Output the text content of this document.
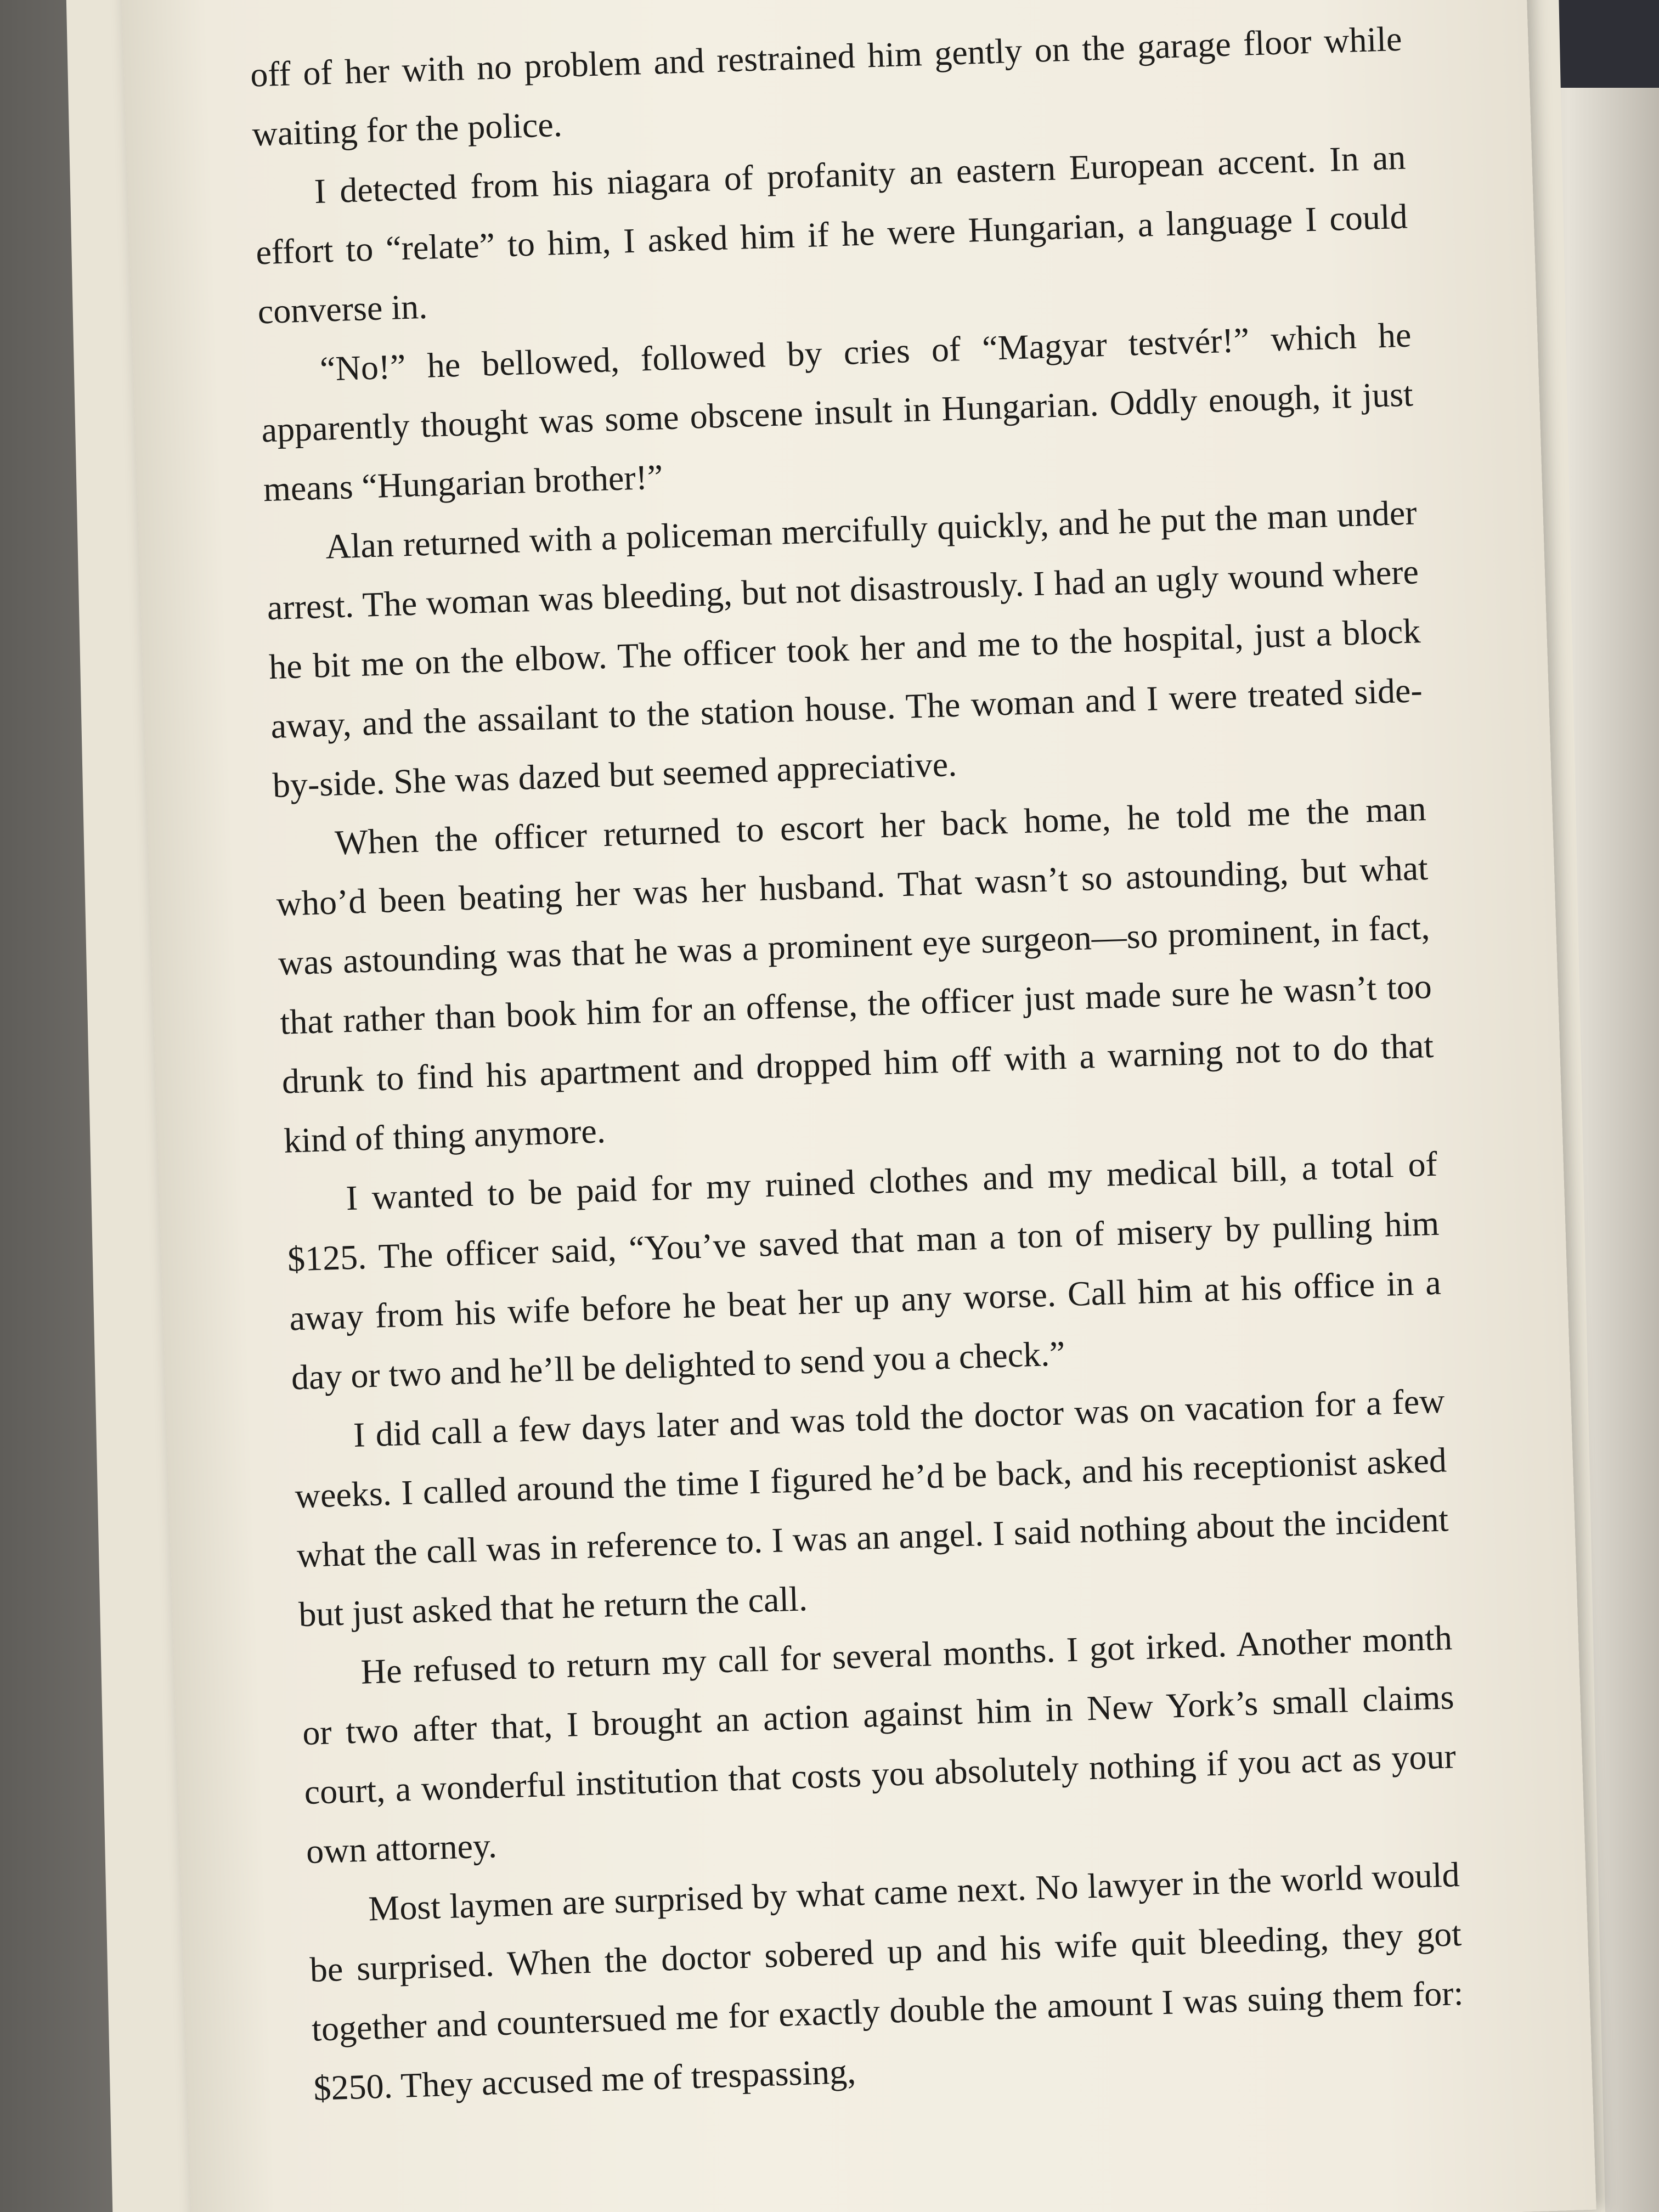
off of her with no problem and restrained him gently on the garage floor while waiting for the police.

I detected from his niagara of profanity an eastern European accent. In an effort to “relate” to him, I asked him if he were Hungarian, a language I could converse in.

“No!” he bellowed, followed by cries of “Magyar testvér!” which he apparently thought was some obscene insult in Hungarian. Oddly enough, it just means “Hungarian brother!”

Alan returned with a policeman mercifully quickly, and he put the man under arrest. The woman was bleeding, but not disastrously. I had an ugly wound where he bit me on the elbow. The officer took her and me to the hospital, just a block away, and the assailant to the station house. The woman and I were treated side-by-side. She was dazed but seemed appreciative.

When the officer returned to escort her back home, he told me the man who’d been beating her was her husband. That wasn’t so astounding, but what was astounding was that he was a prominent eye surgeon—so prominent, in fact, that rather than book him for an offense, the officer just made sure he wasn’t too drunk to find his apartment and dropped him off with a warning not to do that kind of thing anymore.

I wanted to be paid for my ruined clothes and my medical bill, a total of $125. The officer said, “You’ve saved that man a ton of misery by pulling him away from his wife before he beat her up any worse. Call him at his office in a day or two and he’ll be delighted to send you a check.”

I did call a few days later and was told the doctor was on vacation for a few weeks. I called around the time I figured he’d be back, and his receptionist asked what the call was in reference to. I was an angel. I said nothing about the incident but just asked that he return the call.

He refused to return my call for several months. I got irked. Another month or two after that, I brought an action against him in New York’s small claims court, a wonderful institution that costs you absolutely nothing if you act as your own attorney.

Most laymen are surprised by what came next. No lawyer in the world would be surprised. When the doctor sobered up and his wife quit bleeding, they got together and countersued me for exactly double the amount I was suing them for: $250. They accused me of trespassing,
